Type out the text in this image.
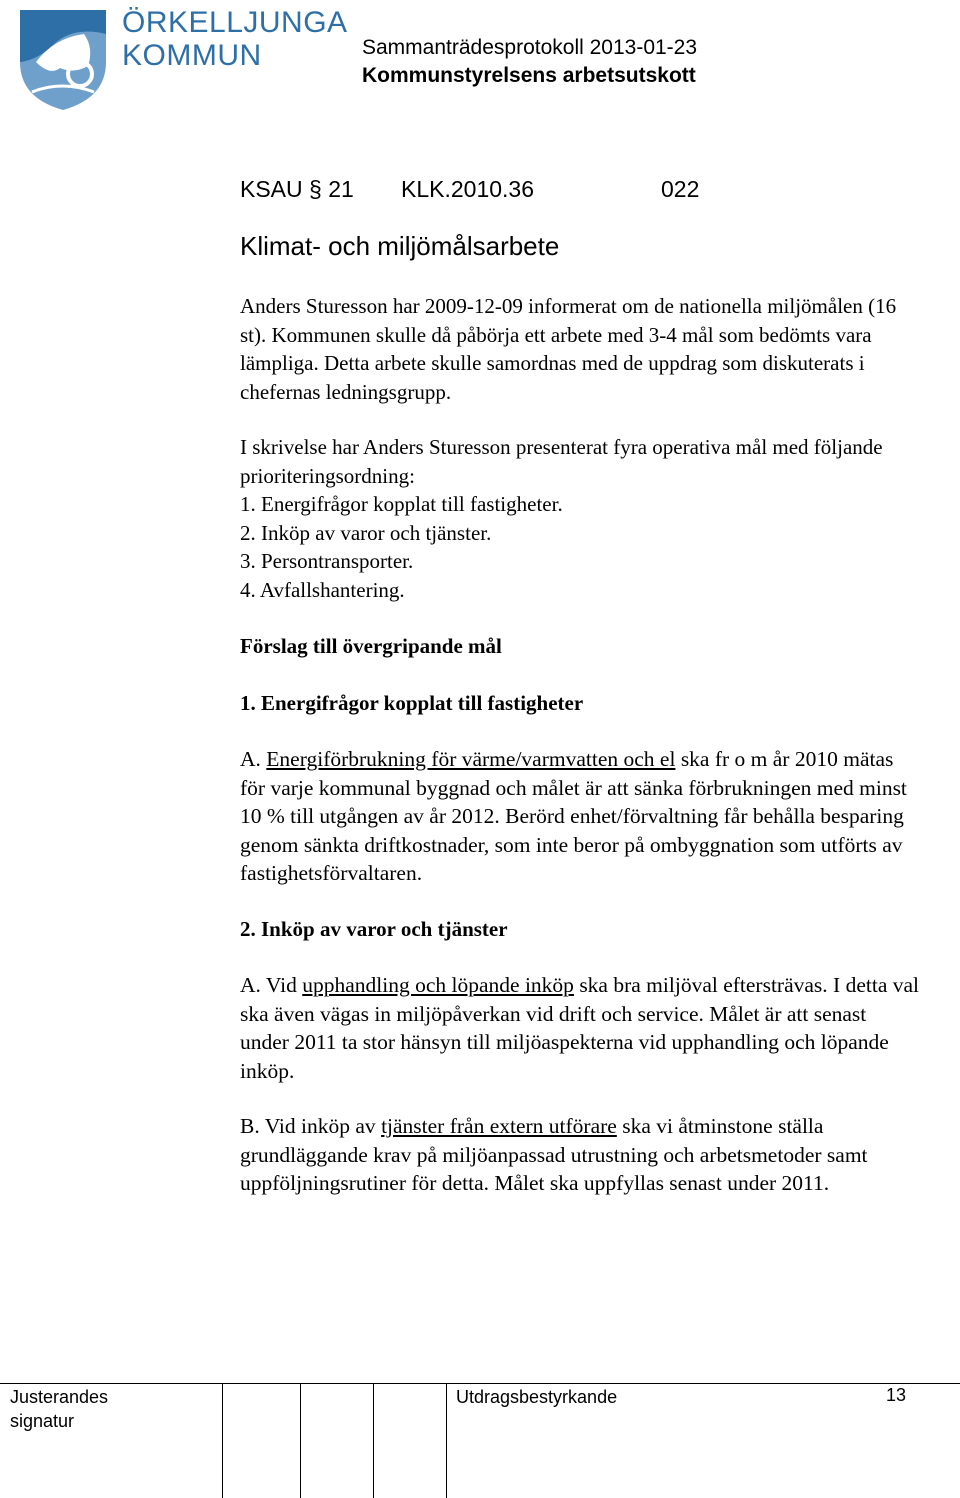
ÖRKELLJUNGA
KOMMUN	Sammanträdesprotokoll 2013-01-23
Kommunstyrelsens arbetsutskott

KSAU § 21

KLK.2010.36

	022

Klimat- och miljömålsarbete
Anders Sturesson har 2009-12-09 informerat om de nationella miljömålen (16 st). Kommunen skulle då påbörja ett arbete med 3-4 mål som bedömts vara lämpliga. Detta arbete skulle samordnas med de uppdrag som diskuterats i chefernas ledningsgrupp.
I skrivelse har Anders Sturesson presenterat fyra operativa mål med följande prioriteringsordning:
1. Energifrågor kopplat till fastigheter.
2. Inköp av varor och tjänster.
3. Persontransporter.
4. Avfallshantering.
Förslag till övergripande mål
1. Energifrågor kopplat till fastigheter
A. Energiförbrukning för värme/varmvatten och el ska fr o m år 2010 mätas för varje kommunal byggnad och målet är att sänka förbrukningen med minst 10 % till utgången av år 2012. Berörd enhet/förvaltning får behålla besparing genom sänkta driftkostnader, som inte beror på ombyggnation som utförts av fastighetsförvaltaren.
2. Inköp av varor och tjänster
A. Vid upphandling och löpande inköp ska bra miljöval eftersträvas. I detta val ska även vägas in miljöpåverkan vid drift och service. Målet är att senast under 2011 ta stor hänsyn till miljöaspekterna vid upphandling och löpande inköp.
B. Vid inköp av tjänster från extern utförare ska vi åtminstone ställa grundläggande krav på miljöanpassad utrustning och arbetsmetoder samt uppföljningsrutiner för detta. Målet ska uppfyllas senast under 2011.
Justerandes signatur
Utdragsbestyrkande	13
